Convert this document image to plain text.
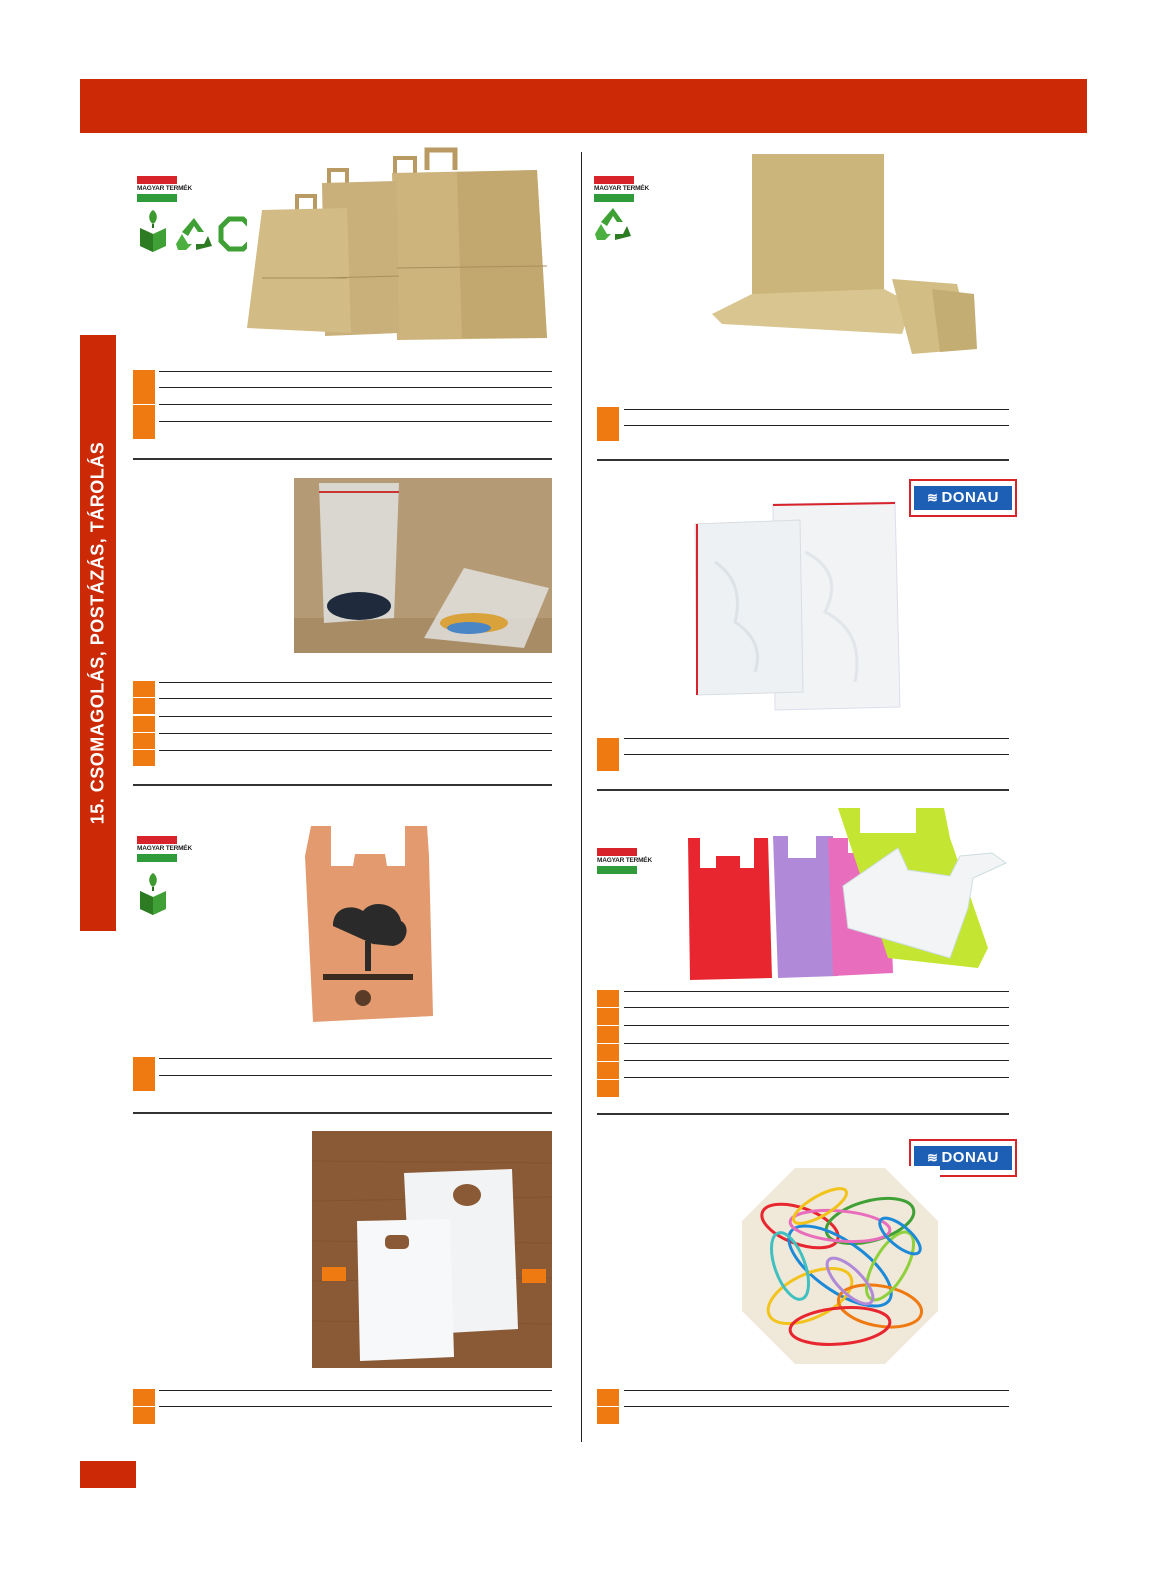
15. CSOMAGOLÁS, POSTÁZÁS, TÁROLÁS
MAGYAR TERMÉK
MAGYAR TERMÉK
MAGYAR TERMÉK
≋ DONAU
MAGYAR TERMÉK
≋ DONAU
